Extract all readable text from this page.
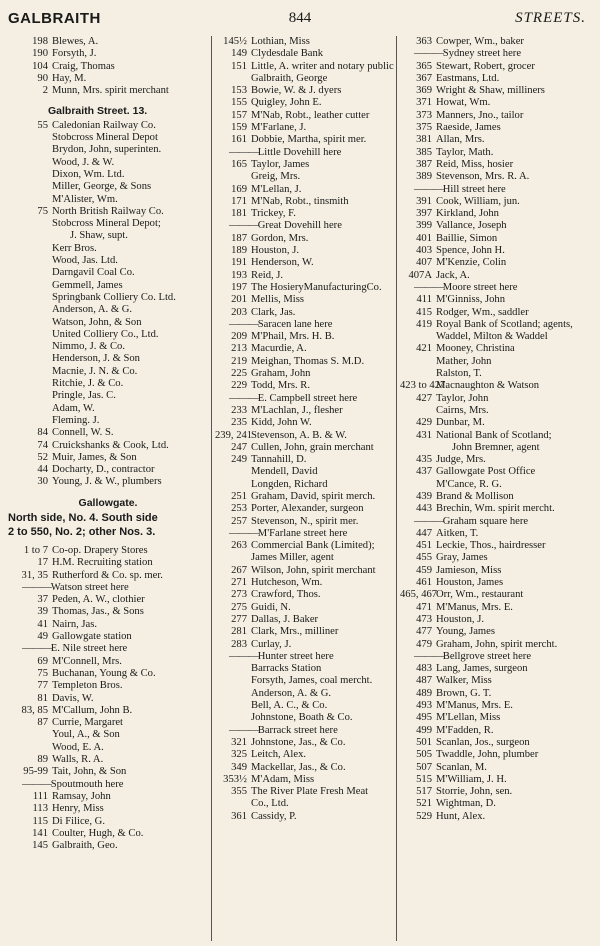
GALBRAITH	844	STREETS.
198 Blewes, A.
190 Forsyth, J.
104 Craig, Thomas
90 Hay, M.
2 Munn, Mrs. spirit merchant
Galbraith Street. 13.
55 Caledonian Railway Co.
Stobcross Mineral Depot
Brydon, John, superinten.
Wood, J. & W.
Dixon, Wm. Ltd.
Miller, George, & Sons
M'Alister, Wm.
75 North British Railway Co.
Stobcross Mineral Depot;
J. Shaw, supt.
Kerr Bros.
Wood, Jas. Ltd.
Darngavil Coal Co.
Gemmell, James
Springbank Colliery Co. Ltd.
Anderson, A. & G.
Watson, John, & Son
United Colliery Co., Ltd.
Nimmo, J. & Co.
Henderson, J. & Son
Macnie, J. N. & Co.
Ritchie, J. & Co.
Pringle, Jas. C.
Adam, W.
Fleming. J.
84 Connell, W. S.
74 Cruickshanks & Cook, Ltd.
52 Muir, James, & Son
44 Docharty, D., contractor
30 Young, J. & W., plumbers
Gallowgate.
North side, No. 4. South side
2 to 550, No. 2; other Nos. 3.
1 to 7 Co-op. Drapery Stores
17 H.M. Recruiting station
31, 35 Rutherford & Co. sp. mer.
——— Watson street here
37 Peden, A. W., clothier
39 Thomas, Jas., & Sons
41 Nairn, Jas.
49 Gallowgate station
——— E. Nile street here
69 M'Connell, Mrs.
75 Buchanan, Young & Co.
77 Templeton Bros.
81 Davis, W.
83, 85 M'Callum, John B.
87 Currie, Margaret
Youl, A., & Son
Wood, E. A.
89 Walls, R. A.
95-99 Tait, John, & Son
——— Spoutmouth here
111 Ramsay, John
113 Henry, Miss
115 Di Filice, G.
141 Coulter, Hugh, & Co.
145 Galbraith, Geo.
145½ Lothian, Miss
149 Clydesdale Bank
151 Little, A. writer and notary public
Galbraith, George
153 Bowie, W. & J. dyers
155 Quigley, John E.
157 M'Nab, Robt., leather cutter
159 M'Farlane, J.
161 Dobbie, Martha, spirit mer.
——— Little Dovehill here
165 Taylor, James
Greig, Mrs.
169 M'Lellan, J.
171 M'Nab, Robt., tinsmith
181 Trickey, F.
——— Great Dovehill here
187 Gordon, Mrs.
189 Houston, J.
191 Henderson, W.
193 Reid, J.
197 The HosieryManufacturingCo.
201 Mellis, Miss
203 Clark, Jas.
——— Saracen lane here
209 M'Phail, Mrs. H. B.
213 Macurdie, A.
219 Meighan, Thomas S. M.D.
225 Graham, John
229 Todd, Mrs. R.
——— E. Campbell street here
233 M'Lachlan, J., flesher
235 Kidd, John W.
239, 241
Stevenson, A. B. & W.
247 Cullen, John, grain merchant
249 Tannahill, D.
Mendell, David
Longden, Richard
251 Graham, David, spirit merch.
253 Porter, Alexander, surgeon
257 Stevenson, N., spirit mer.
——— M'Farlane street here
263 Commercial Bank (Limited);
James Miller, agent
267 Wilson, John, spirit merchant
271 Hutcheson, Wm.
273 Crawford, Thos.
275 Guidi, N.
277 Dallas, J. Baker
281 Clark, Mrs., milliner
283 Curlay, J.
——— Hunter street here
Barracks Station
Forsyth, James, coal mercht.
Anderson, A. & G.
Bell, A. C., & Co.
Johnstone, Boath & Co.
——— Barrack street here
321 Johnstone, Jas., & Co.
325 Leitch, Alex.
349 Mackellar, Jas., & Co.
353½ M'Adam, Miss
355 The River Plate Fresh Meat
Co., Ltd.
361 Cassidy, P.
363 Cowper, Wm., baker
——— Sydney street here
365 Stewart, Robert, grocer
367 Eastmans, Ltd.
369 Wright & Shaw, milliners
371 Howat, Wm.
373 Manners, Jno., tailor
375 Raeside, James
381 Allan, Mrs.
385 Taylor, Math.
387 Reid, Miss, hosier
389 Stevenson, Mrs. R. A.
——— Hill street here
391 Cook, William, jun.
397 Kirkland, John
399 Vallance, Joseph
401 Baillie, Simon
403 Spence, John H.
407 M'Kenzie, Colin
407A Jack, A.
——— Moore street here
411 M'Ginniss, John
415 Rodger, Wm., saddler
419 Royal Bank of Scotland; agents, Waddel, Milton & Waddel
421 Mooney, Christina
Mather, John
Ralston, T.
423 to 427
Macnaughton & Watson
427 Taylor, John
Cairns, Mrs.
429 Dunbar, M.
431 National Bank of Scotland;
John Bremner, agent
435 Judge, Mrs.
437 Gallowgate Post Office
M'Cance, R. G.
439 Brand & Mollison
443 Brechin, Wm. spirit mercht.
——— Graham square here
447 Aitken, T.
451 Leckie, Thos., hairdresser
455 Gray, James
459 Jamieson, Miss
461 Houston, James
465, 467
Orr, Wm., restaurant
471 M'Manus, Mrs. E.
473 Houston, J.
477 Young, James
479 Graham, John, spirit mercht.
——— Bellgrove street here
483 Lang, James, surgeon
487 Walker, Miss
489 Brown, G. T.
493 M'Manus, Mrs. E.
495 M'Lellan, Miss
499 M'Fadden, R.
501 Scanlan, Jos., surgeon
505 Twaddle, John, plumber
507 Scanlan, M.
515 M'William, J. H.
517 Storrie, John, sen.
521 Wightman, D.
529 Hunt, Alex.
